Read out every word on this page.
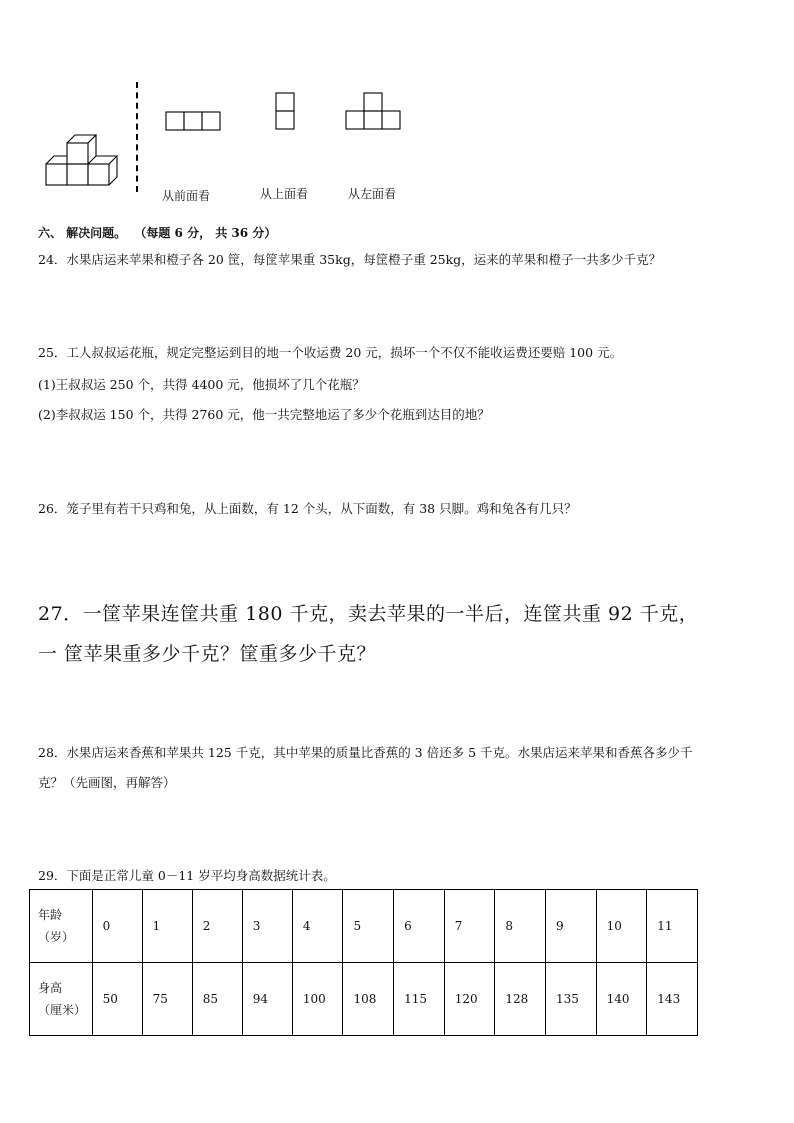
从前面看	从上面看	从左面看
六、 解决问题。 （每题 6 分， 共 36 分）
24．水果店运来苹果和橙子各 20 筐，每筐苹果重 35kg，每筐橙子重 25kg，运来的苹果和橙子一共多少千克？
25．工人叔叔运花瓶，规定完整运到目的地一个收运费 20 元，损坏一个不仅不能收运费还要赔 100 元。
(1)王叔叔运 250 个，共得 4400 元，他损坏了几个花瓶？
(2)李叔叔运 150 个，共得 2760 元，他一共完整地运了多少个花瓶到达目的地？
26．笼子里有若干只鸡和兔，从上面数，有 12 个头，从下面数，有 38 只脚。鸡和兔各有几只？
27．一筐苹果连筐共重 180 千克，卖去苹果的一半后，连筐共重 92 千克，
一 筐苹果重多少千克？筐重多少千克？
28．水果店运来香蕉和苹果共 125 千克，其中苹果的质量比香蕉的 3 倍还多 5 千克。水果店运来苹果和香蕉各多少千
克？（先画图，再解答）
29．下面是正常儿童 0－11 岁平均身高数据统计表。
年龄
（岁）	0	1	2	3	4	5	6	7	8	9	10	11

身高
（厘米）	50	75	85	94	100	108	115	120	128	135	140	143
